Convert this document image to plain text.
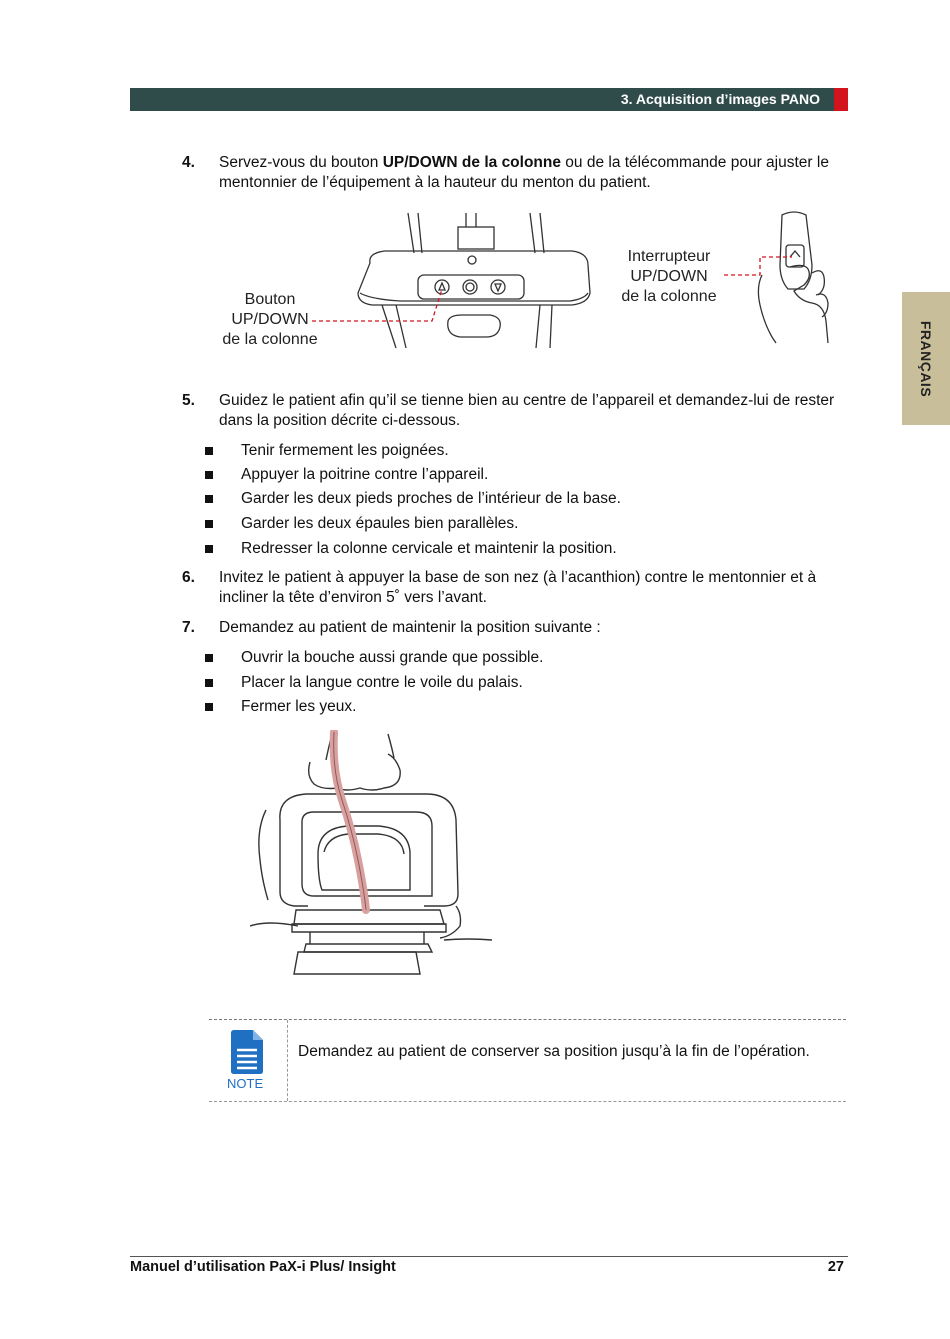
3. Acquisition d’images PANO
FRANÇAIS
4. Servez-vous du bouton UP/DOWN de la colonne ou de la télécommande pour ajuster le mentonnier de l’équipement à la hauteur du menton du patient.
Bouton
UP/DOWN
de la colonne
Interrupteur
UP/DOWN
de la colonne
5. Guidez le patient afin qu’il se tienne bien au centre de l’appareil et demandez-lui de rester dans la position décrite ci-dessous.
Tenir fermement les poignées.
Appuyer la poitrine contre l’appareil.
Garder les deux pieds proches de l’intérieur de la base.
Garder les deux épaules bien parallèles.
Redresser la colonne cervicale et maintenir la position.
6. Invitez le patient à appuyer la base de son nez (à l’acanthion) contre le mentonnier et à incliner la tête d’environ 5˚ vers l’avant.
7. Demandez au patient de maintenir la position suivante :
Ouvrir la bouche aussi grande que possible.
Placer la langue contre le voile du palais.
Fermer les yeux.
NOTE
Demandez au patient de conserver sa position jusqu’à la fin de l’opération.
Manuel d’utilisation PaX-i Plus/ Insight	27
